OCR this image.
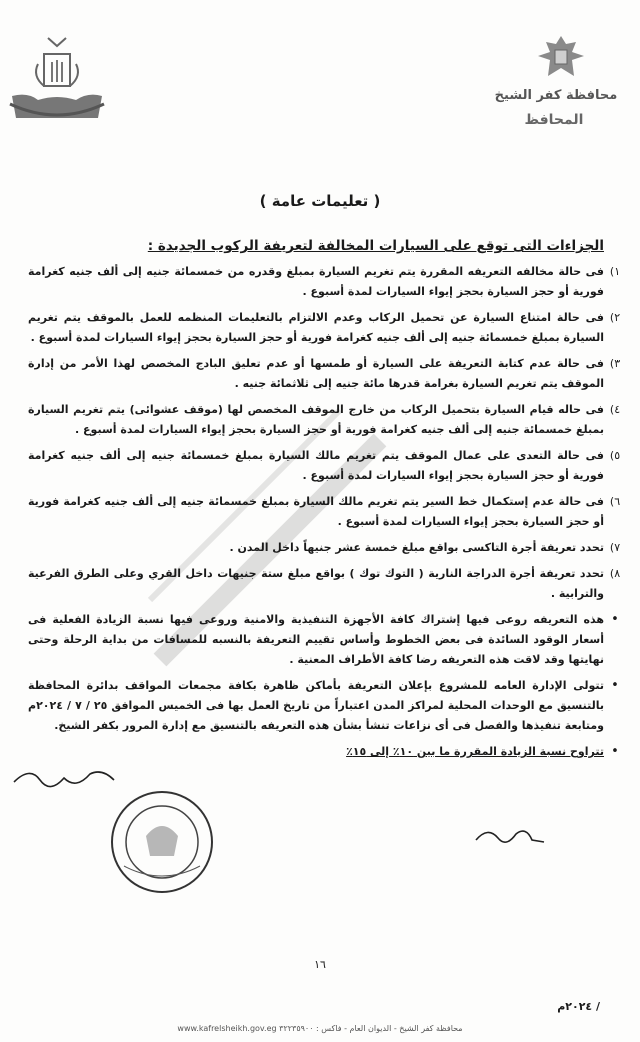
محافظة كفر الشيخ
المحافظ
( تعليمات عامة )
الجزاءات التى توقع على السيارات المخالفة لتعريفة الركوب الجديدة :
١)
فى حالة مخالفه التعريفه المقررة يتم تغريم السيارة بمبلغ وقدره من خمسمائة جنيه إلى ألف جنيه كغرامة فورية أو حجز السيارة بحجز إيواء السيارات لمدة أسبوع .
٢)
فى حالة امتناع السيارة عن تحميل الركاب وعدم الالتزام بالتعليمات المنظمه للعمل بالموقف يتم تغريم السيارة بمبلغ خمسمائة جنيه إلى ألف جنيه كغرامة فورية أو حجز السيارة بحجز إيواء السيارات لمدة أسبوع .
٣)
فى حالة عدم كتابة التعريفة على السيارة أو طمسها أو عدم تعليق البادج المخصص لهذا الأمر من إدارة الموقف يتم تغريم السيارة بغرامة قدرها مائة جنيه إلى ثلاثمائة جنيه .
٤)
فى حاله قيام السيارة بتحميل الركاب من خارج الموقف المخصص لها (موقف عشوائى) يتم تغريم السيارة بمبلغ خمسمائة جنيه إلى ألف جنيه كغرامة فورية أو حجز السيارة بحجز إيواء السيارات لمدة أسبوع .
٥)
فى حالة التعدى على عمال الموقف يتم تغريم مالك السيارة بمبلغ خمسمائة جنيه إلى ألف جنيه كغرامة فورية أو حجز السيارة بحجز إيواء السيارات لمدة أسبوع .
٦)
فى حالة عدم إستكمال خط السير يتم تغريم مالك السيارة بمبلغ خمسمائة جنيه إلى ألف جنيه كغرامة فورية أو حجز السيارة بحجز إيواء السيارات لمدة أسبوع .
٧)
تحدد تعريفة أجرة التاكسى بواقع مبلغ خمسة عشر جنيهاً داخل المدن .
٨)
تحدد تعريفة أجرة الدراجة النارية ( التوك توك ) بواقع مبلغ ستة جنيهات داخل القري وعلى الطرق الفرعية والترابية .
•
هذه التعريفه روعى فيها إشتراك كافة الأجهزة التنفيذية والامنية وروعى فيها نسبة الزيادة الفعلية فى أسعار الوقود السائدة فى بعض الخطوط وأساس تقييم التعريفة بالنسبه للمسافات من بداية الرحلة وحتى نهايتها وقد لاقت هذه التعريفه رضا كافة الأطراف المعنية .
•
تتولى الإدارة العامه للمشروع بإعلان التعريفة بأماكن ظاهرة بكافة مجمعات المواقف بدائرة المحافظة بالتنسيق مع الوحدات المحلية لمراكز المدن اعتباراً من تاريخ العمل بها فى الخميس الموافق ٢٥ / ٧ / ٢٠٢٤م ومتابعة تنفيذها والفصل فى أى نزاعات تنشأ بشأن هذه التعريفه بالتنسيق مع إدارة المرور بكفر الشيخ.
•
تتراوح نسبة الزيادة المقررة ما بين ١٠٪ إلى ١٥٪
١٦
/ ٢٠٢٤م
www.kafrelsheikh.gov.eg محافظة كفر الشيخ - الديوان العام - فاكس : ٣٢٢٣٥٩٠٠
